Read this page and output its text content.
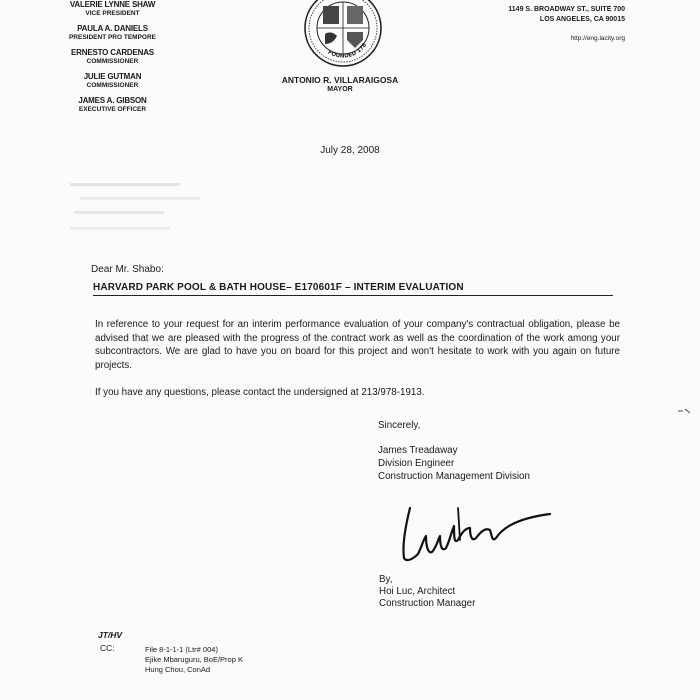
VALERIE LYNNE SHAW
VICE PRESIDENT
PAULA A. DANIELS
PRESIDENT PRO TEMPORE
ERNESTO CARDENAS
COMMISSIONER
JULIE GUTMAN
COMMISSIONER
JAMES A. GIBSON
EXECUTIVE OFFICER
FOUNDED 178
ANTONIO R. VILLARAIGOSA
MAYOR
1149 S. BROADWAY ST., SUITE 700
LOS ANGELES, CA 90015
http://eng.lacity.org
July 28, 2008
Dear Mr. Shabo:
HARVARD PARK POOL & BATH HOUSE– E170601F – INTERIM EVALUATION
In reference to your request for an interim performance evaluation of your company's contractual obligation, please be advised that we are pleased with the progress of the contract work as well as the coordination of the work among your subcontractors. We are glad to have you on board for this project and won't hesitate to work with you again on future projects.
If you have any questions, please contact the undersigned at 213/978-1913.
Sincerely,
James Treadaway
Division Engineer
Construction Management Division
By,
Hoi Luc, Architect
Construction Manager
JT/HV
CC:	File 8-1-1-1 (Ltr# 004)
Ejike Mbaruguru, BoE/Prop K
Hung Chou, ConAd
